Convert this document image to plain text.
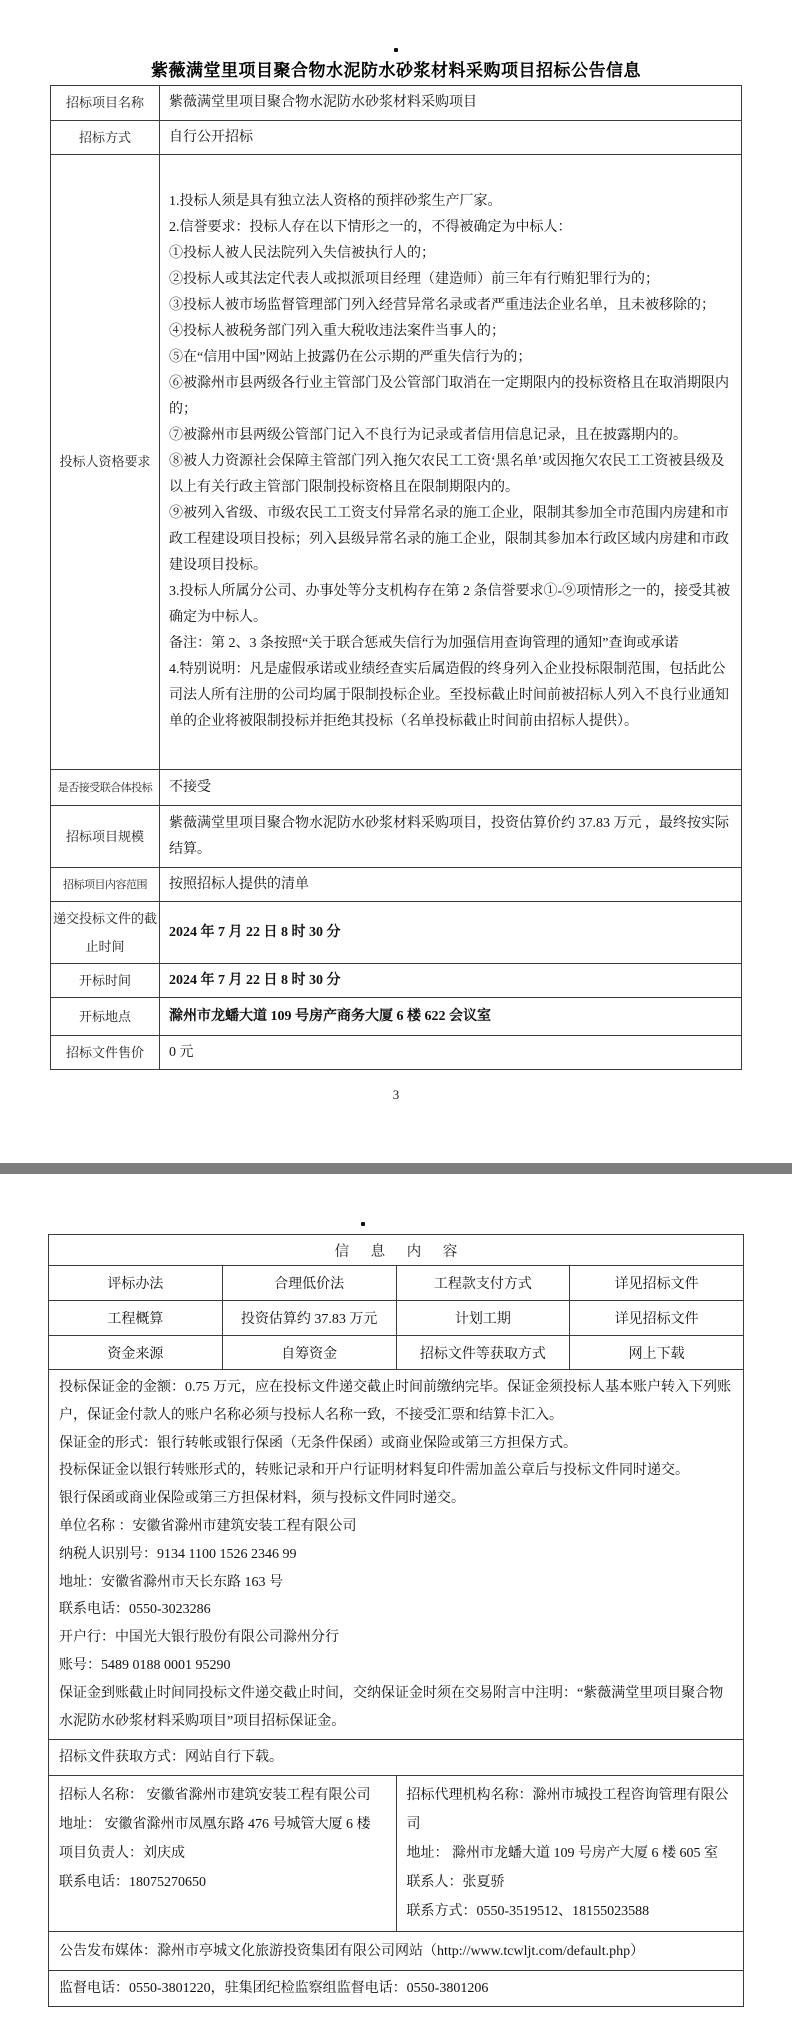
紫薇满堂里项目聚合物水泥防水砂浆材料采购项目招标公告信息
招标项目名称	紫薇满堂里项目聚合物水泥防水砂浆材料采购项目
招标方式	自行公开招标
投标人资格要求	
1.投标人须是具有独立法人资格的预拌砂浆生产厂家。
2.信誉要求：投标人存在以下情形之一的，不得被确定为中标人：
①投标人被人民法院列入失信被执行人的；
②投标人或其法定代表人或拟派项目经理（建造师）前三年有行贿犯罪行为的；
③投标人被市场监督管理部门列入经营异常名录或者严重违法企业名单，且未被移除的；
④投标人被税务部门列入重大税收违法案件当事人的；
⑤在“信用中国”网站上披露仍在公示期的严重失信行为的；
⑥被滁州市县两级各行业主管部门及公管部门取消在一定期限内的投标资格且在取消期限内的；
⑦被滁州市县两级公管部门记入不良行为记录或者信用信息记录，且在披露期内的。
⑧被人力资源社会保障主管部门列入拖欠农民工工资‘黑名单’或因拖欠农民工工资被县级及以上有关行政主管部门限制投标资格且在限制期限内的。
⑨被列入省级、市级农民工工资支付异常名录的施工企业，限制其参加全市范围内房建和市政工程建设项目投标；列入县级异常名录的施工企业，限制其参加本行政区域内房建和市政建设项目投标。
3.投标人所属分公司、办事处等分支机构存在第 2 条信誉要求①-⑨项情形之一的，接受其被确定为中标人。
备注：第 2、3 条按照“关于联合惩戒失信行为加强信用查询管理的通知”查询或承诺
4.特别说明：凡是虚假承诺或业绩经查实后属造假的终身列入企业投标限制范围，包括此公司法人所有注册的公司均属于限制投标企业。至投标截止时间前被招标人列入不良行业通知单的企业将被限制投标并拒绝其投标（名单投标截止时间前由招标人提供）。

是否接受联合体投标	不接受
招标项目规模	紫薇满堂里项目聚合物水泥防水砂浆材料采购项目，投资估算价约 37.83 万元 ，最终按实际结算。
招标项目内容范围	按照招标人提供的清单
递交投标文件的截止时间	2024 年 7 月 22 日 8 时 30 分
开标时间	2024 年 7 月 22 日 8 时 30 分
开标地点	滁州市龙蟠大道 109 号房产商务大厦 6 楼 622 会议室
招标文件售价	0 元
3
信 息 内 容			
评标办法	合理低价法	工程款支付方式	详见招标文件
工程概算	投资估算约 37.83 万元	计划工期	详见招标文件
资金来源	自筹资金	招标文件等获取方式	网上下载

投标保证金的金额：0.75 万元，应在投标文件递交截止时间前缴纳完毕。保证金须投标人基本账户转入下列账户，保证金付款人的账户名称必须与投标人名称一致，不接受汇票和结算卡汇入。
保证金的形式：银行转帐或银行保函（无条件保函）或商业保险或第三方担保方式。
投标保证金以银行转账形式的，转账记录和开户行证明材料复印件需加盖公章后与投标文件同时递交。
银行保函或商业保险或第三方担保材料，须与投标文件同时递交。
单位名称 ：安徽省滁州市建筑安装工程有限公司
纳税人识别号：9134 1100 1526 2346 99
地址：安徽省滁州市天长东路 163 号
联系电话：0550-3023286
开户行：中国光大银行股份有限公司滁州分行
账号：5489 0188 0001 95290
保证金到账截止时间同投标文件递交截止时间，交纳保证金时须在交易附言中注明：“紫薇满堂里项目聚合物水泥防水砂浆材料采购项目”项目招标保证金。

招标文件获取方式：网站自行下载。			

招标人名称： 安徽省滁州市建筑安装工程有限公司
地址： 安徽省滁州市凤凰东路 476 号城管大厦 6 楼
项目负责人：刘庆成
联系电话：18075270650

招标代理机构名称：滁州市城投工程咨询管理有限公司
地址： 滁州市龙蟠大道 109 号房产大厦 6 楼 605 室
联系人：张夏骄
联系方式：0550-3519512、18155023588

公告发布媒体：滁州市亭城文化旅游投资集团有限公司网站（http://www.tcwljt.com/default.php）			
监督电话：0550-3801220，驻集团纪检监察组监督电话：0550-3801206			
